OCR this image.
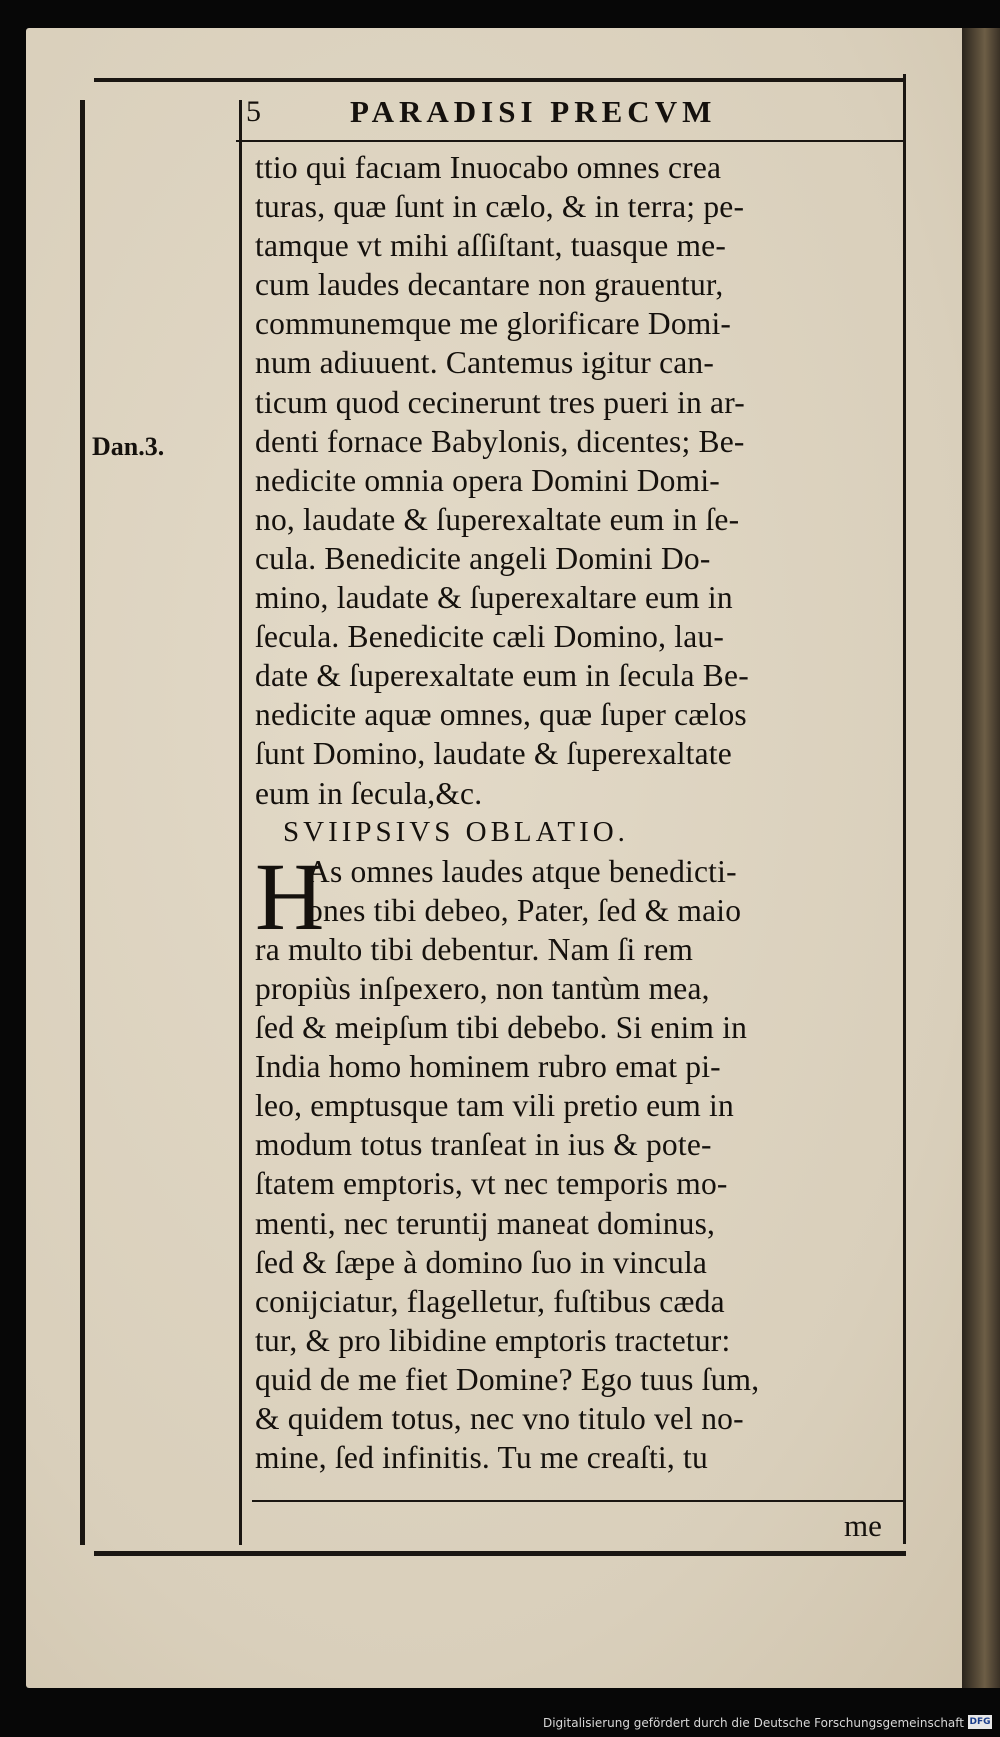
5	PARADISI PRECVM
Dan.3.
ttio qui facıam Inuocabo omnes crea
turas, quæ ſunt in cælo, & in terra; pe-
tamque vt mihi aſſiſtant, tuasque me-
cum laudes decantare non grauentur,
communemque me glorificare Domi-
num adiuuent. Cantemus igitur can-
ticum quod cecinerunt tres pueri in ar-
denti fornace Babylonis, dicentes; Be-
nedicite omnia opera Domini Domi-
no, laudate & ſuperexaltate eum in ſe-
cula. Benedicite angeli Domini Do-
mino, laudate & ſuperexaltare eum in
ſecula. Benedicite cæli Domino, lau-
date & ſuperexaltate eum in ſecula Be-
nedicite aquæ omnes, quæ ſuper cælos
ſunt Domino, laudate & ſuperexaltate
eum in ſecula,&c.
SVIIPSIVS OBLATIO.
As omnes laudes atque benedicti-
ones tibi debeo, Pater, ſed & maio
ra multo tibi debentur. Nam ſi rem
propiùs inſpexero, non tantùm mea,
ſed & meipſum tibi debebo. Si enim in
India homo hominem rubro emat pi-
leo, emptusque tam vili pretio eum in
modum totus tranſeat in ius & pote-
ſtatem emptoris, vt nec temporis mo-
menti, nec teruntij maneat dominus,
ſed & ſæpe à domino ſuo in vincula
conijciatur, flagelletur, fuſtibus cæda
tur, & pro libidine emptoris tractetur:
quid de me fiet Domine? Ego tuus ſum,
& quidem totus, nec vno titulo vel no-
mine, ſed infinitis. Tu me creaſti, tu
H
me
Digitalisierung gefördert durch die Deutsche Forschungsgemeinschaft DFG
